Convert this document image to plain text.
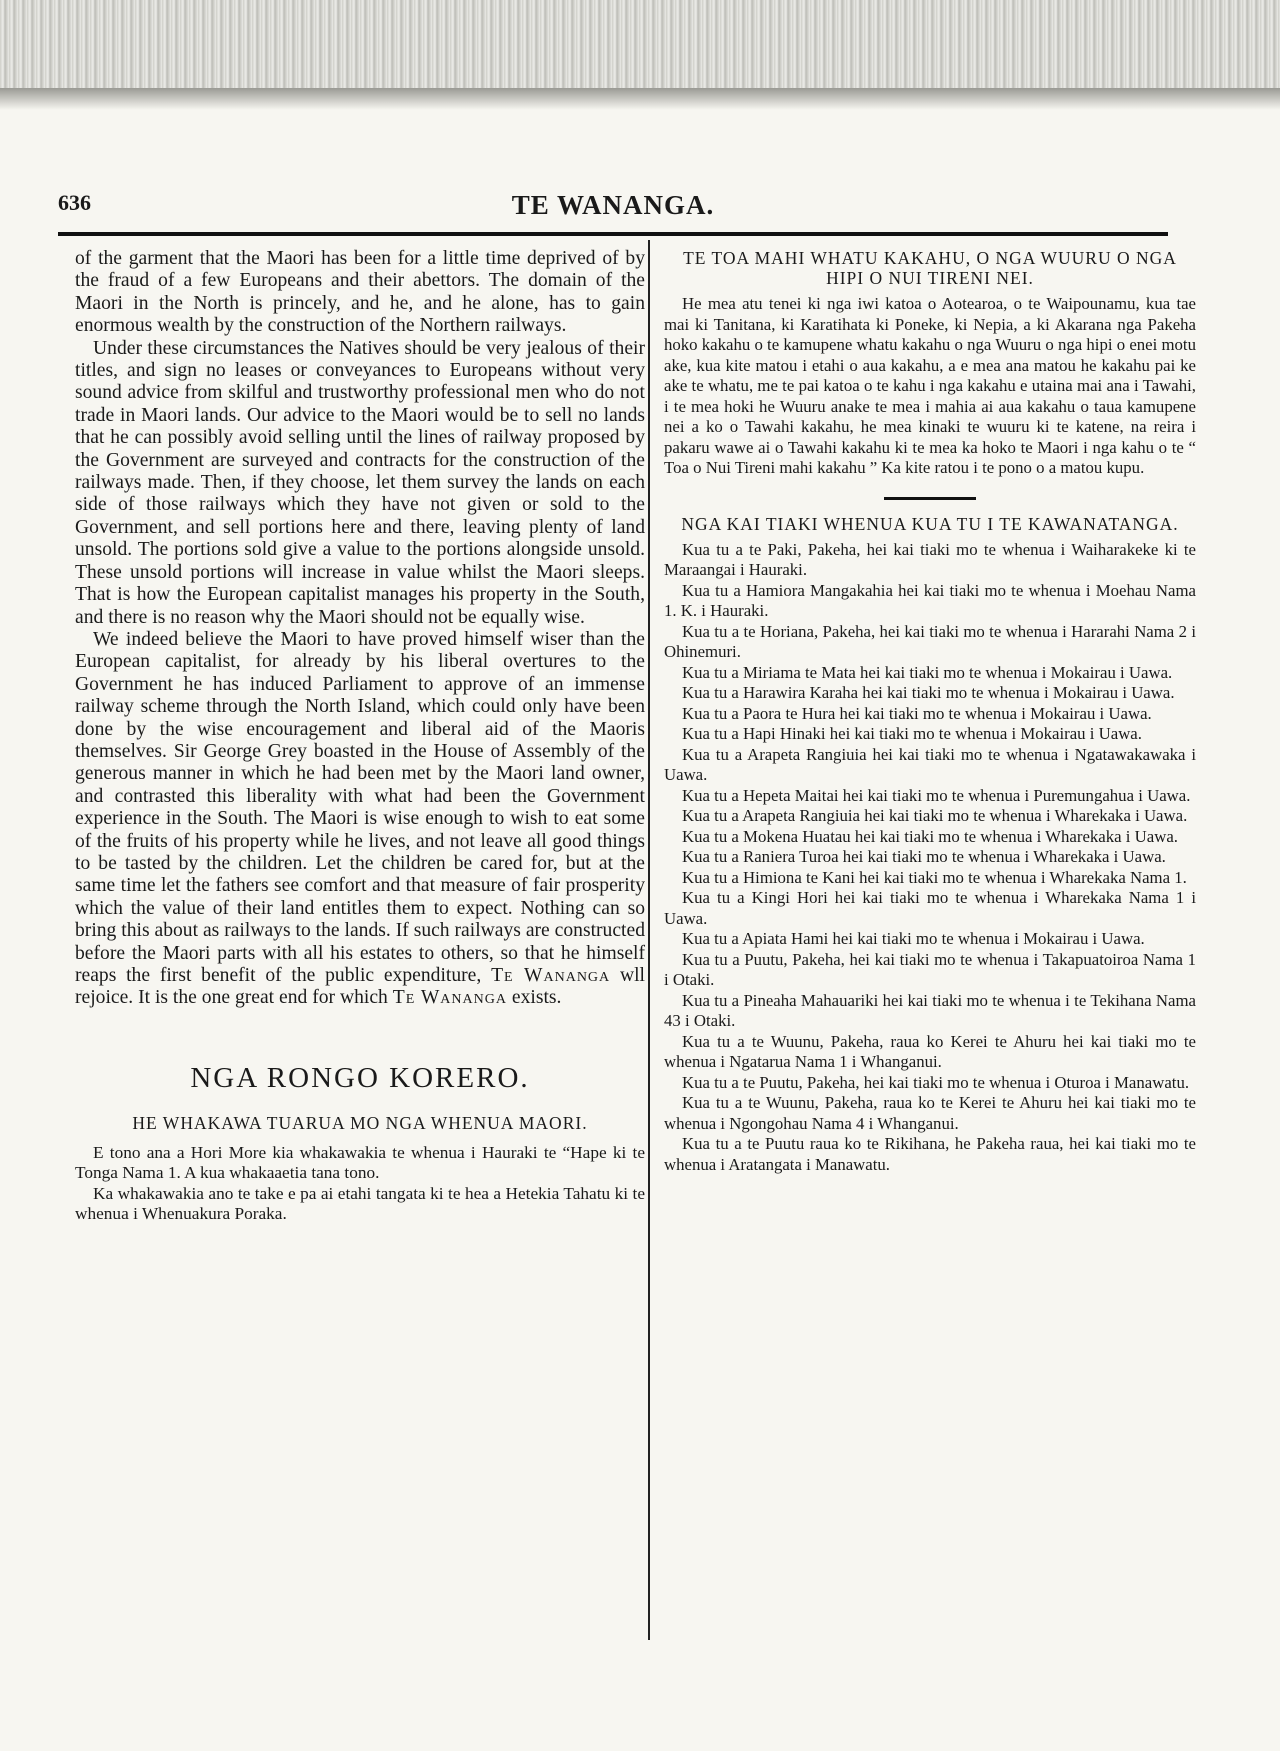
636	TE WANANGA.

of the garment that the Maori has been for a little time deprived of by the fraud of a few Europeans and their abettors. The domain of the Maori in the North is princely, and he, and he alone, has to gain enormous wealth by the construction of the Northern railways.

Under these circumstances the Natives should be very jealous of their titles, and sign no leases or conveyances to Europeans without very sound advice from skilful and trustworthy professional men who do not trade in Maori lands. Our advice to the Maori would be to sell no lands that he can possibly avoid selling until the lines of railway proposed by the Government are surveyed and contracts for the construction of the railways made. Then, if they choose, let them survey the lands on each side of those railways which they have not given or sold to the Government, and sell portions here and there, leaving plenty of land unsold. The portions sold give a value to the portions alongside unsold. These unsold portions will increase in value whilst the Maori sleeps. That is how the European capitalist manages his property in the South, and there is no reason why the Maori should not be equally wise.

We indeed believe the Maori to have proved himself wiser than the European capitalist, for already by his liberal overtures to the Government he has induced Parliament to approve of an immense railway scheme through the North Island, which could only have been done by the wise encouragement and liberal aid of the Maoris themselves. Sir George Grey boasted in the House of Assembly of the generous manner in which he had been met by the Maori land owner, and contrasted this liberality with what had been the Government experience in the South. The Maori is wise enough to wish to eat some of the fruits of his property while he lives, and not leave all good things to be tasted by the children. Let the children be cared for, but at the same time let the fathers see comfort and that measure of fair prosperity which the value of their land entitles them to expect. Nothing can so bring this about as railways to the lands. If such railways are constructed before the Maori parts with all his estates to others, so that he himself reaps the first benefit of the public expenditure, Te Wananga wll rejoice. It is the one great end for which Te Wananga exists.

NGA RONGO KORERO.
HE WHAKAWA TUARUA MO NGA WHENUA MAORI.

E tono ana a Hori More kia whakawakia te whenua i Hauraki te “Hape ki te Tonga Nama 1. A kua whakaaetia tana tono.

Ka whakawakia ano te take e pa ai etahi tangata ki te hea a Hetekia Tahatu ki te whenua i Whenuakura Poraka.

TE TOA MAHI WHATU KAKAHU, O NGA WUURU O NGA HIPI O NUI TIRENI NEI.

He mea atu tenei ki nga iwi katoa o Aotearoa, o te Waipounamu, kua tae mai ki Tanitana, ki Karatihata ki Poneke, ki Nepia, a ki Akarana nga Pakeha hoko kakahu o te kamupene whatu kakahu o nga Wuuru o nga hipi o enei motu ake, kua kite matou i etahi o aua kakahu, a e mea ana matou he kakahu pai ke ake te whatu, me te pai katoa o te kahu i nga kakahu e utaina mai ana i Tawahi, i te mea hoki he Wuuru anake te mea i mahia ai aua kakahu o taua kamupene nei a ko o Tawahi kakahu, he mea kinaki te wuuru ki te katene, na reira i pakaru wawe ai o Tawahi kakahu ki te mea ka hoko te Maori i nga kahu o te “ Toa o Nui Tireni mahi kakahu ” Ka kite ratou i te pono o a matou kupu.

NGA KAI TIAKI WHENUA KUA TU I TE KAWANATANGA.

Kua tu a te Paki, Pakeha, hei kai tiaki mo te whenua i Waiharakeke ki te Maraangai i Hauraki.

Kua tu a Hamiora Mangakahia hei kai tiaki mo te whenua i Moehau Nama 1. K. i Hauraki.

Kua tu a te Horiana, Pakeha, hei kai tiaki mo te whenua i Hararahi Nama 2 i Ohinemuri.

Kua tu a Miriama te Mata hei kai tiaki mo te whenua i Mokairau i Uawa.

Kua tu a Harawira Karaha hei kai tiaki mo te whenua i Mokairau i Uawa.

Kua tu a Paora te Hura hei kai tiaki mo te whenua i Mokairau i Uawa.

Kua tu a Hapi Hinaki hei kai tiaki mo te whenua i Mokairau i Uawa.

Kua tu a Arapeta Rangiuia hei kai tiaki mo te whenua i Ngatawakawaka i Uawa.

Kua tu a Hepeta Maitai hei kai tiaki mo te whenua i Puremungahua i Uawa.

Kua tu a Arapeta Rangiuia hei kai tiaki mo te whenua i Wharekaka i Uawa.

Kua tu a Mokena Huatau hei kai tiaki mo te whenua i Wharekaka i Uawa.

Kua tu a Raniera Turoa hei kai tiaki mo te whenua i Wharekaka i Uawa.

Kua tu a Himiona te Kani hei kai tiaki mo te whenua i Wharekaka Nama 1.

Kua tu a Kingi Hori hei kai tiaki mo te whenua i Wharekaka Nama 1 i Uawa.

Kua tu a Apiata Hami hei kai tiaki mo te whenua i Mokairau i Uawa.

Kua tu a Puutu, Pakeha, hei kai tiaki mo te whenua i Takapuatoiroa Nama 1 i Otaki.

Kua tu a Pineaha Mahauariki hei kai tiaki mo te whenua i te Tekihana Nama 43 i Otaki.

Kua tu a te Wuunu, Pakeha, raua ko Kerei te Ahuru hei kai tiaki mo te whenua i Ngatarua Nama 1 i Whanganui.

Kua tu a te Puutu, Pakeha, hei kai tiaki mo te whenua i Oturoa i Manawatu.

Kua tu a te Wuunu, Pakeha, raua ko te Kerei te Ahuru hei kai tiaki mo te whenua i Ngongohau Nama 4 i Whanganui.

Kua tu a te Puutu raua ko te Rikihana, he Pakeha raua, hei kai tiaki mo te whenua i Aratangata i Manawatu.
